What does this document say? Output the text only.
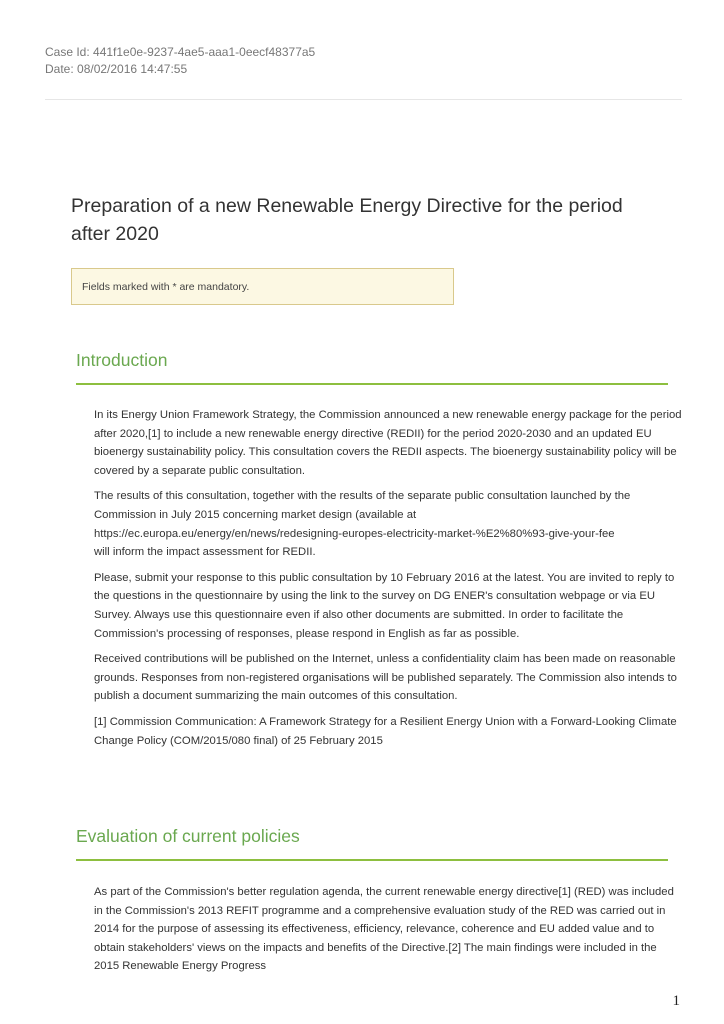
Case Id: 441f1e0e-9237-4ae5-aaa1-0eecf48377a5
Date: 08/02/2016 14:47:55
Preparation of a new Renewable Energy Directive for the period after 2020
Fields marked with * are mandatory.
Introduction

In its Energy Union Framework Strategy, the Commission announced a new renewable energy package for the period after 2020,[1] to include a new renewable energy directive (REDII) for the period 2020-2030 and an updated EU bioenergy sustainability policy. This consultation covers the REDII aspects. The bioenergy sustainability policy will be covered by a separate public consultation.

The results of this consultation, together with the results of the separate public consultation launched by the Commission in July 2015 concerning market design (available at
https://ec.europa.eu/energy/en/news/redesigning-europes-electricity-market-%E2%80%93-give-your-fee
will inform the impact assessment for REDII.

Please, submit your response to this public consultation by 10 February 2016 at the latest. You are invited to reply to the questions in the questionnaire by using the link to the survey on DG ENER's consultation webpage or via EU Survey. Always use this questionnaire even if also other documents are submitted. In order to facilitate the Commission's processing of responses, please respond in English as far as possible.

Received contributions will be published on the Internet, unless a confidentiality claim has been made on reasonable grounds. Responses from non-registered organisations will be published separately. The Commission also intends to publish a document summarizing the main outcomes of this consultation.

[1] Commission Communication: A Framework Strategy for a Resilient Energy Union with a Forward-Looking Climate Change Policy (COM/2015/080 final) of 25 February 2015

Evaluation of current policies

As part of the Commission's better regulation agenda, the current renewable energy directive[1] (RED) was included in the Commission's 2013 REFIT programme and a comprehensive evaluation study of the RED was carried out in 2014 for the purpose of assessing its effectiveness, efficiency, relevance, coherence and EU added value and to obtain stakeholders' views on the impacts and benefits of the Directive.[2] The main findings were included in the 2015 Renewable Energy Progress

1
